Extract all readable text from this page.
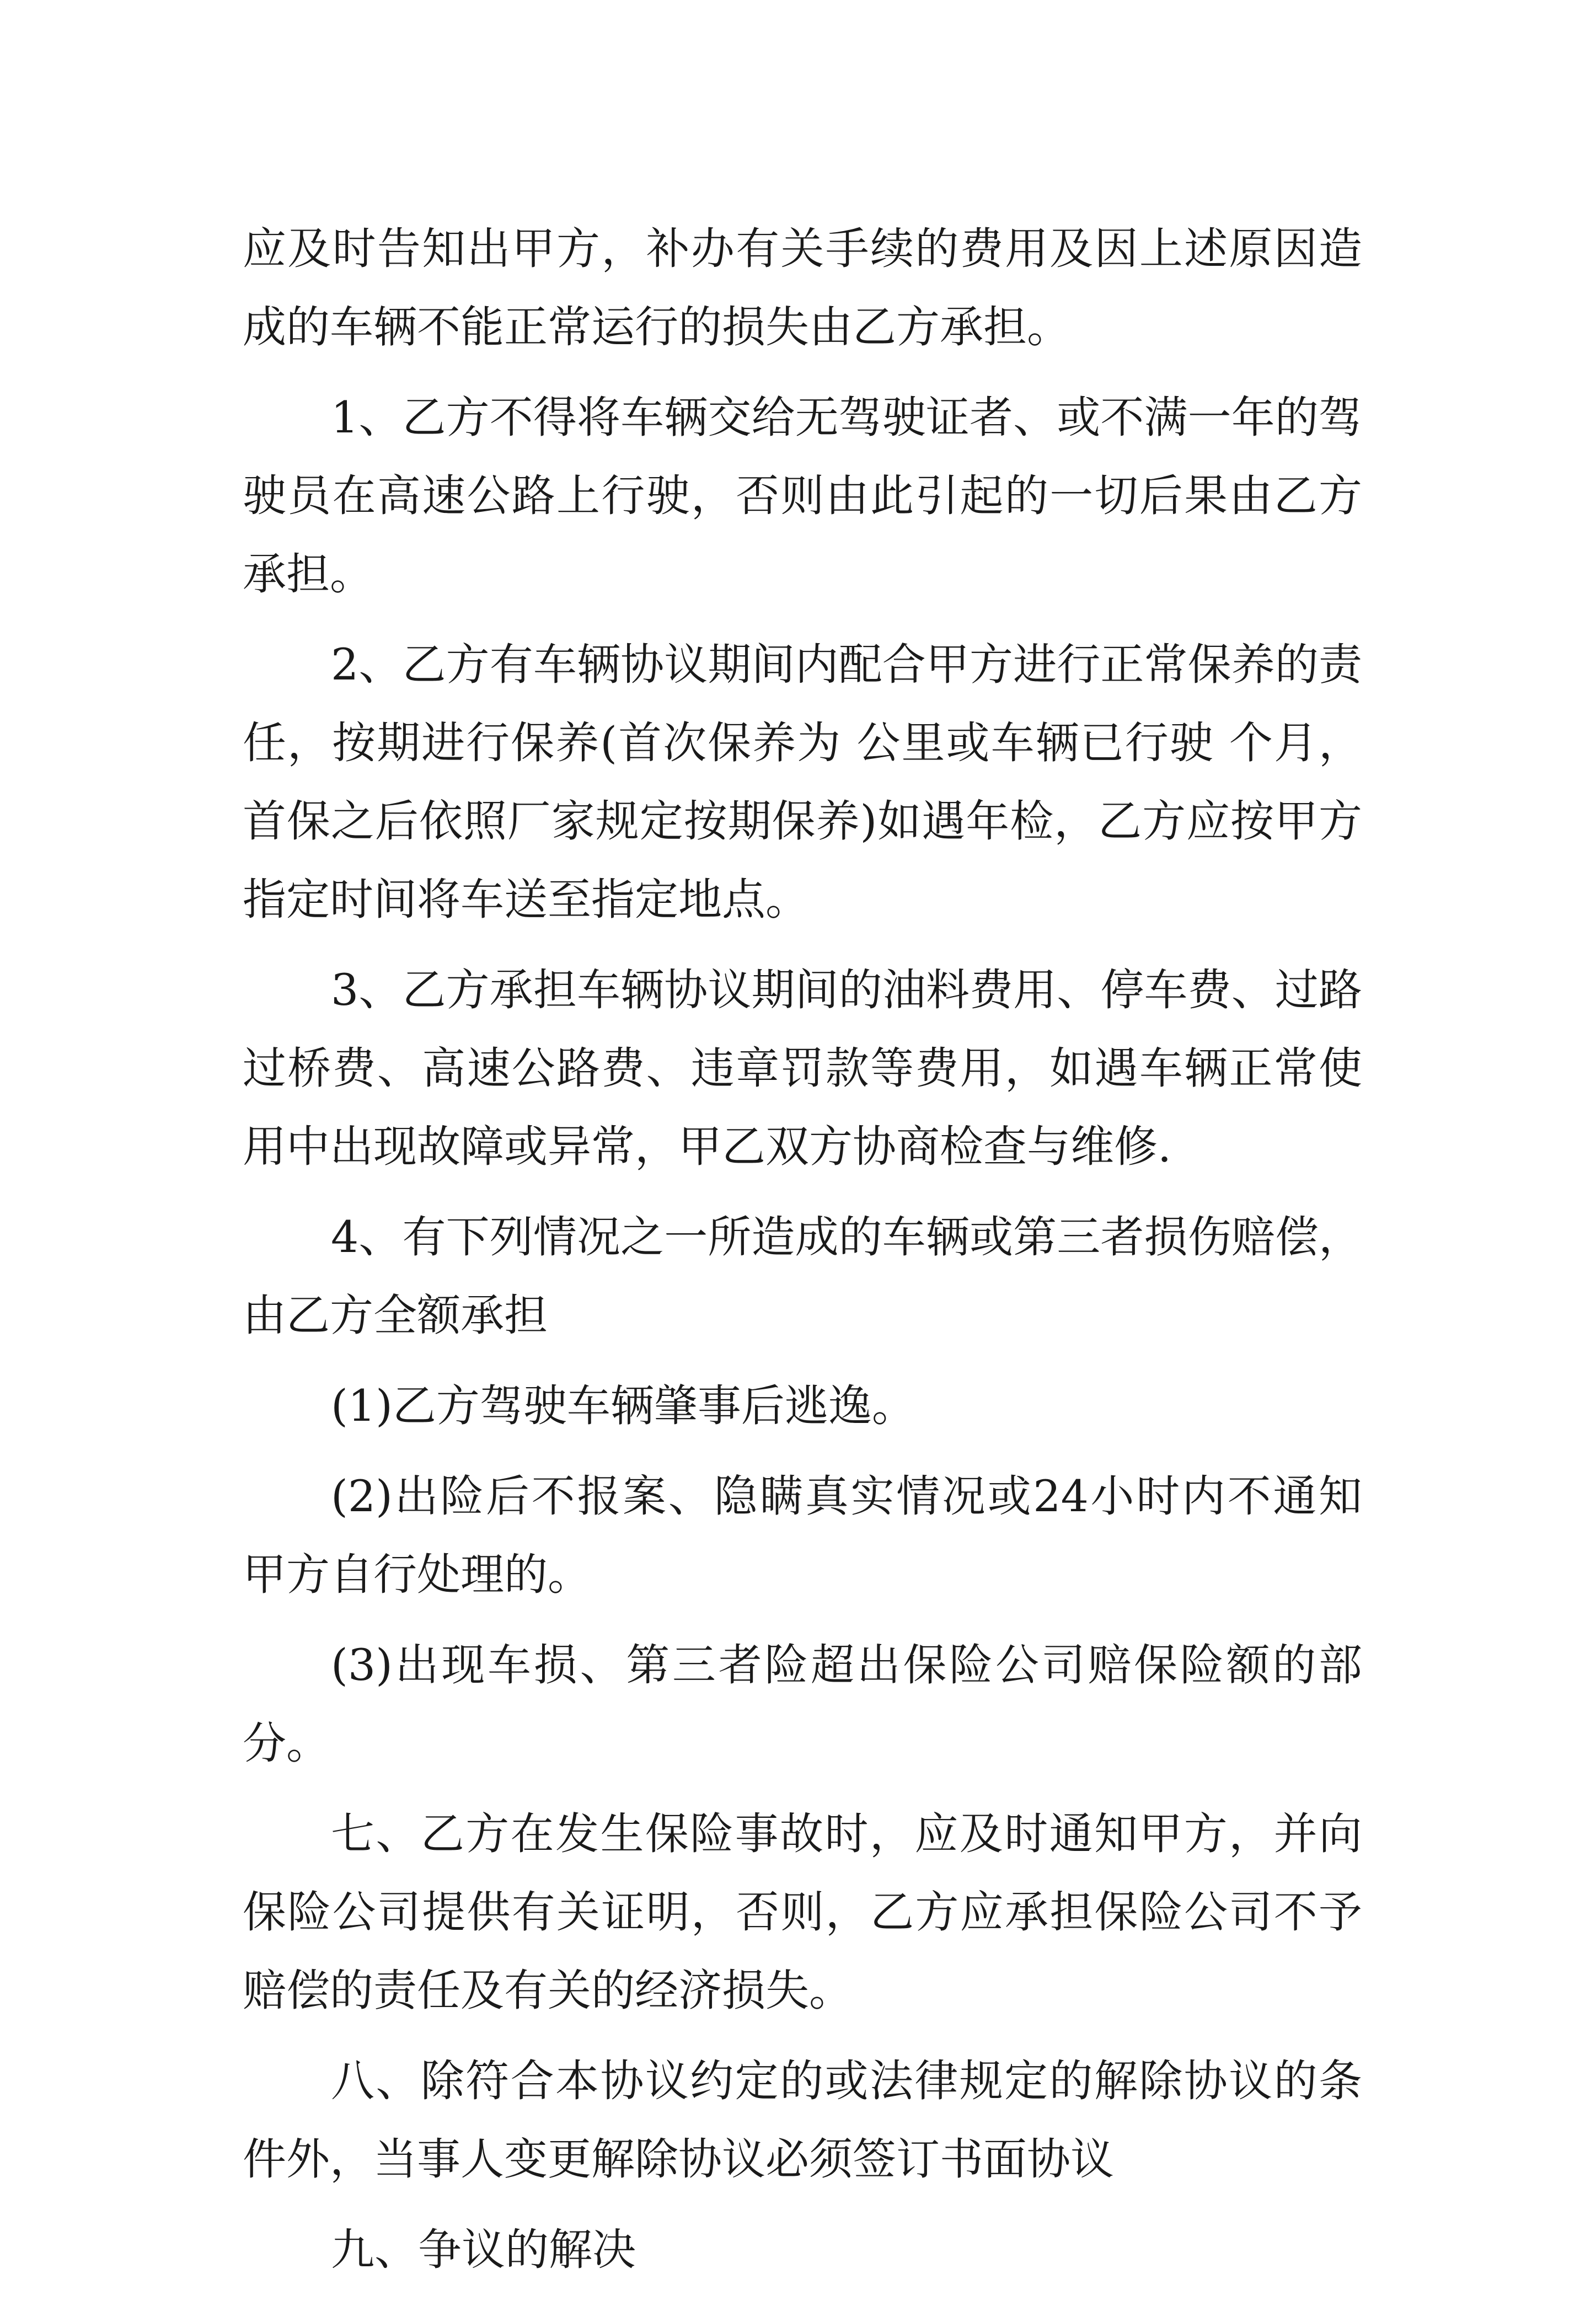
应及时告知出甲方，补办有关手续的费用及因上述原因造成的车辆不能正常运行的损失由乙方承担。

1、乙方不得将车辆交给无驾驶证者、或不满一年的驾驶员在高速公路上行驶，否则由此引起的一切后果由乙方承担。

2、乙方有车辆协议期间内配合甲方进行正常保养的责任，按期进行保养(首次保养为 公里或车辆已行驶 个月，首保之后依照厂家规定按期保养)如遇年检，乙方应按甲方指定时间将车送至指定地点。

3、乙方承担车辆协议期间的油料费用、停车费、过路过桥费、高速公路费、违章罚款等费用，如遇车辆正常使用中出现故障或异常，甲乙双方协商检查与维修.

4、有下列情况之一所造成的车辆或第三者损伤赔偿，由乙方全额承担

(1)乙方驾驶车辆肇事后逃逸。

(2)出险后不报案、隐瞒真实情况或24小时内不通知甲方自行处理的。

(3)出现车损、第三者险超出保险公司赔保险额的部分。

七、乙方在发生保险事故时，应及时通知甲方，并向保险公司提供有关证明，否则，乙方应承担保险公司不予赔偿的责任及有关的经济损失。

八、除符合本协议约定的或法律规定的解除协议的条件外，当事人变更解除协议必须签订书面协议

九、争议的解决
